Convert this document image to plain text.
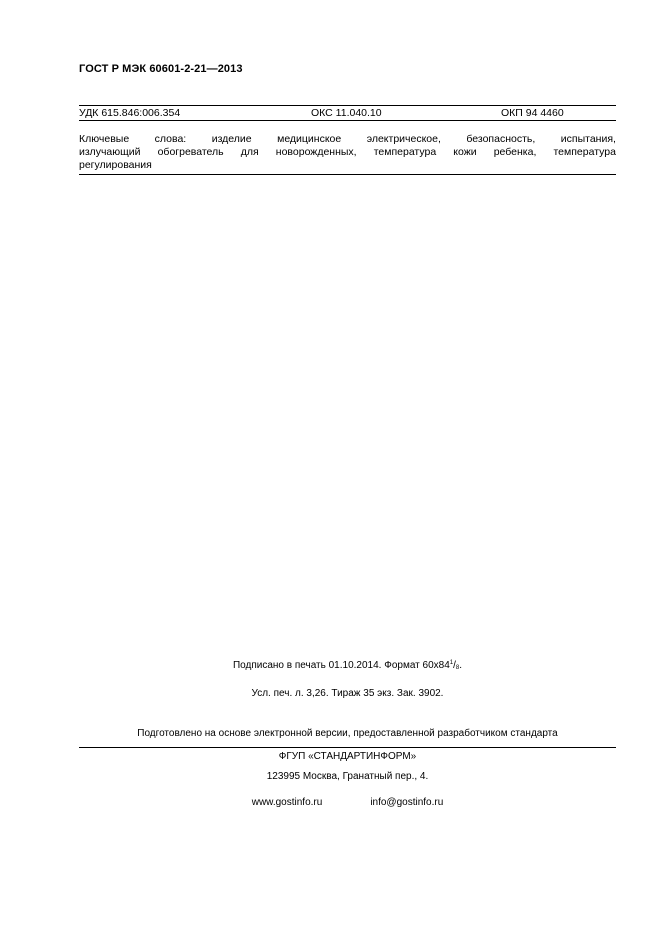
ГОСТ Р МЭК 60601-2-21—2013
УДК 615.846:006.354	ОКС 11.040.10	ОКП 94 4460
Ключевые слова: изделие медицинское электрическое, безопасность, испытания,
излучающий обогреватель для новорожденных, температура кожи ребенка, температура
регулирования
Подписано в печать 01.10.2014. Формат $60х84^1/_8$.
Усл. печ. л. 3,26. Тираж 35 экз. Зак. 3902.
Подготовлено на основе электронной версии, предоставленной разработчиком стандарта
ФГУП «СТАНДАРТИНФОРМ»
123995 Москва, Гранатный пер., 4.
www.gostinfo.ru	info@gostinfo.ru
